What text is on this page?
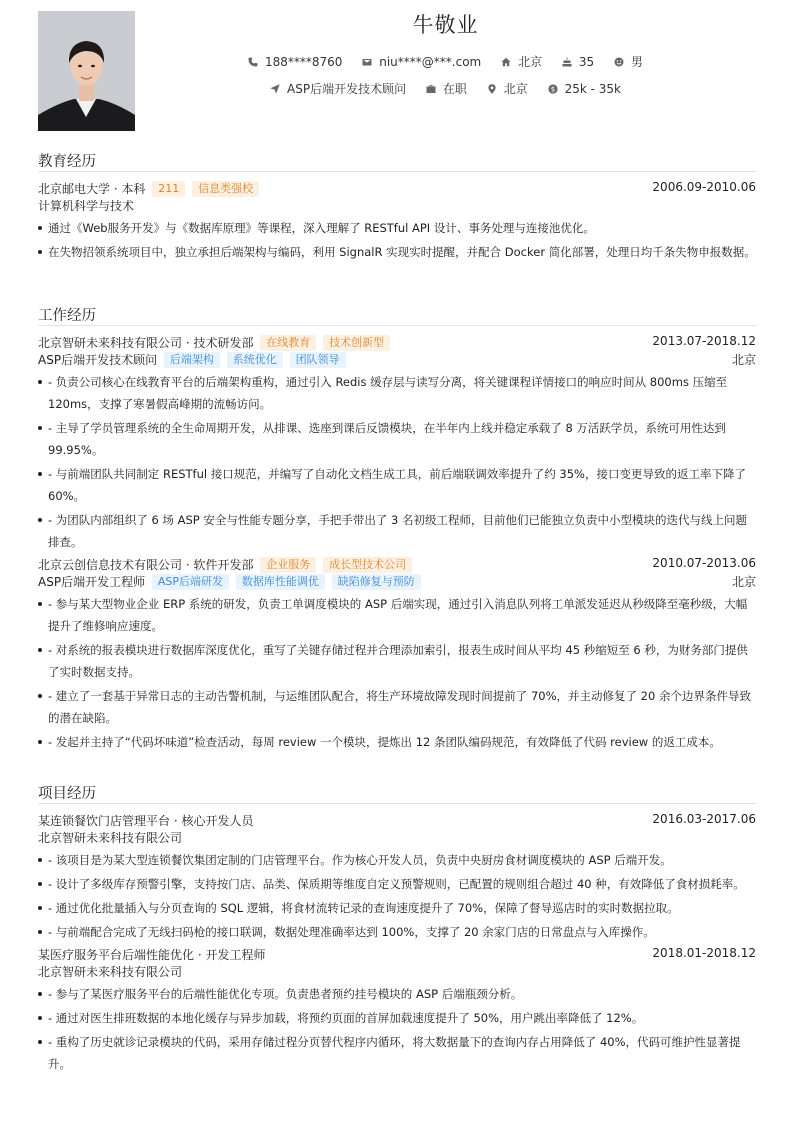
牛敬业
188****8760	niu****@***.com	北京	35	男
ASP后端开发技术顾问	在职	北京	$ 25k - 35k
教育经历
北京邮电大学 · 本科 211 信息类强校	2006.09-2010.06
计算机科学与技术
通过《Web服务开发》与《数据库原理》等课程，深入理解了 RESTful API 设计、事务处理与连接池优化。
在失物招领系统项目中，独立承担后端架构与编码，利用 SignalR 实现实时提醒，并配合 Docker 简化部署，处理日均千条失物申报数据。
工作经历
北京智研未来科技有限公司 · 技术研发部 在线教育 技术创新型	2013.07-2018.12
ASP后端开发技术顾问 后端架构 系统优化 团队领导	北京
- 负责公司核心在线教育平台的后端架构重构，通过引入 Redis 缓存层与读写分离，将关键课程详情接口的响应时间从 800ms 压缩至 120ms，支撑了寒暑假高峰期的流畅访问。
- 主导了学员管理系统的全生命周期开发，从排课、选座到课后反馈模块，在半年内上线并稳定承载了 8 万活跃学员，系统可用性达到 99.95%。
- 与前端团队共同制定 RESTful 接口规范，并编写了自动化文档生成工具，前后端联调效率提升了约 35%，接口变更导致的返工率下降了 60%。
- 为团队内部组织了 6 场 ASP 安全与性能专题分享，手把手带出了 3 名初级工程师，目前他们已能独立负责中小型模块的迭代与线上问题排查。
北京云创信息技术有限公司 · 软件开发部 企业服务 成长型技术公司	2010.07-2013.06
ASP后端开发工程师 ASP后端研发 数据库性能调优 缺陷修复与预防	北京
- 参与某大型物业企业 ERP 系统的研发，负责工单调度模块的 ASP 后端实现，通过引入消息队列将工单派发延迟从秒级降至毫秒级，大幅提升了维修响应速度。
- 对系统的报表模块进行数据库深度优化，重写了关键存储过程并合理添加索引，报表生成时间从平均 45 秒缩短至 6 秒，为财务部门提供了实时数据支持。
- 建立了一套基于异常日志的主动告警机制，与运维团队配合，将生产环境故障发现时间提前了 70%，并主动修复了 20 余个边界条件导致的潜在缺陷。
- 发起并主持了“代码坏味道”检查活动，每周 review 一个模块，提炼出 12 条团队编码规范，有效降低了代码 review 的返工成本。
项目经历
某连锁餐饮门店管理平台 · 核心开发人员	2016.03-2017.06
北京智研未来科技有限公司
- 该项目是为某大型连锁餐饮集团定制的门店管理平台。作为核心开发人员，负责中央厨房食材调度模块的 ASP 后端开发。
- 设计了多级库存预警引擎，支持按门店、品类、保质期等维度自定义预警规则，已配置的规则组合超过 40 种，有效降低了食材损耗率。
- 通过优化批量插入与分页查询的 SQL 逻辑，将食材流转记录的查询速度提升了 70%，保障了督导巡店时的实时数据拉取。
- 与前端配合完成了无线扫码枪的接口联调，数据处理准确率达到 100%，支撑了 20 余家门店的日常盘点与入库操作。
某医疗服务平台后端性能优化 · 开发工程师	2018.01-2018.12
北京智研未来科技有限公司
- 参与了某医疗服务平台的后端性能优化专项。负责患者预约挂号模块的 ASP 后端瓶颈分析。
- 通过对医生排班数据的本地化缓存与异步加载，将预约页面的首屏加载速度提升了 50%，用户跳出率降低了 12%。
- 重构了历史就诊记录模块的代码，采用存储过程分页替代程序内循环，将大数据量下的查询内存占用降低了 40%，代码可维护性显著提升。
